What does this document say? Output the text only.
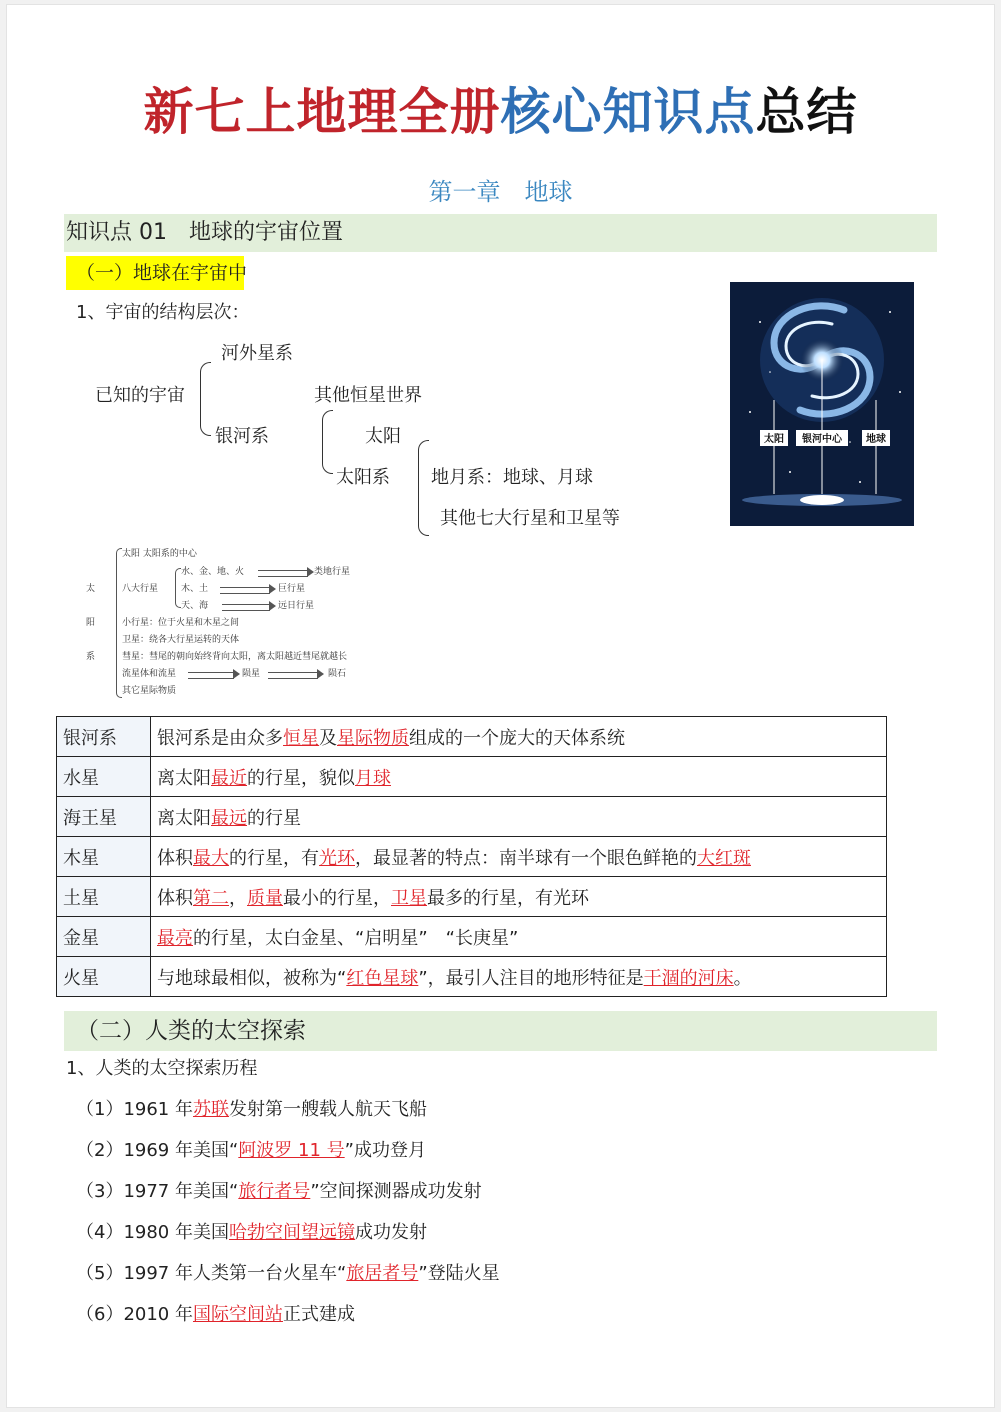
新七上地理全册核心知识点总结
第一章　地球
知识点 01　地球的宇宙位置
（一）地球在宇宙中
1、宇宙的结构层次：
已知的宇宙
河外星系
银河系
其他恒星世界
太阳
太阳系 地月系：地球、月球
其他七大行星和卫星等
太阳 银河中心 地球
太
阳
系
太阳 太阳系的中心
八大行星
水、金、地、火	类地行星
木、土	巨行星
天、海	远日行星
小行星：位于火星和木星之间
卫星：绕各大行星运转的天体
彗星：彗尾的朝向始终背向太阳，离太阳越近彗尾就越长
流星体和流星	陨星	陨石
其它星际物质
银河系	银河系是由众多恒星及星际物质组成的一个庞大的天体系统
水星	离太阳最近的行星，貌似月球
海王星	离太阳最远的行星
木星	体积最大的行星，有光环，最显著的特点：南半球有一个眼色鲜艳的大红斑
土星	体积第二，质量最小的行星，卫星最多的行星，有光环
金星	最亮的行星，太白金星、“启明星”　“长庚星”
火星	与地球最相似，被称为“红色星球”，最引人注目的地形特征是干涸的河床。
（二）人类的太空探索
1、人类的太空探索历程
（1）1961 年苏联发射第一艘载人航天飞船
（2）1969 年美国“阿波罗 11 号”成功登月
（3）1977 年美国“旅行者号”空间探测器成功发射
（4）1980 年美国哈勃空间望远镜成功发射
（5）1997 年人类第一台火星车“旅居者号”登陆火星
（6）2010 年国际空间站正式建成
